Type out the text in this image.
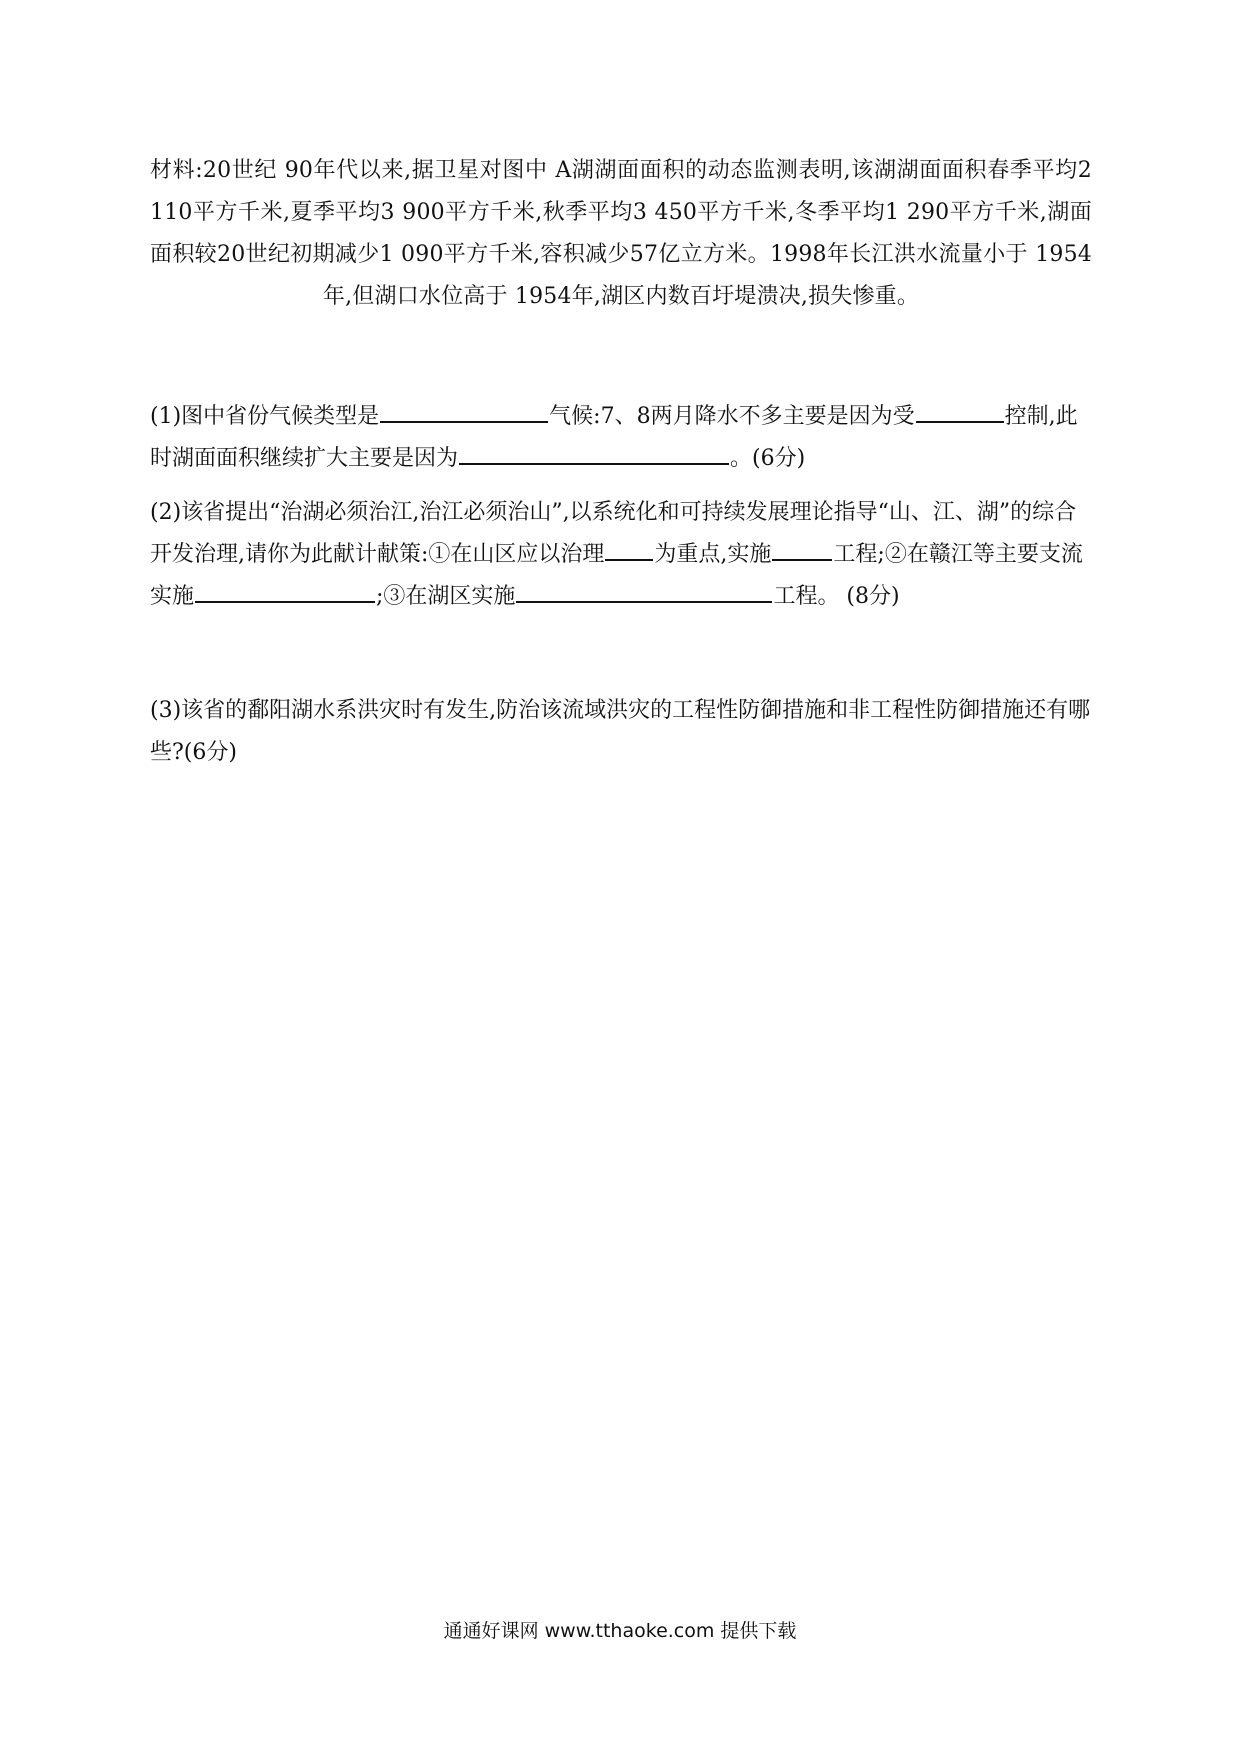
材料:20世纪 90年代以来,据卫星对图中 A湖湖面面积的动态监测表明,该湖湖面面积春季平均2 110平方千米,夏季平均3 900平方千米,秋季平均3 450平方千米,冬季平均1 290平方千米,湖面面积较20世纪初期减少1 090平方千米,容积减少57亿立方米。1998年长江洪水流量小于 1954年,但湖口水位高于 1954年,湖区内数百圩堤溃决,损失惨重。

(1)图中省份气候类型是	气候:7、8两月降水不多主要是因为受	控制,此时湖面面积继续扩大主要是因为	。(6分)

(2)该省提出“治湖必须治江,治江必须治山”,以系统化和可持续发展理论指导“山、江、湖”的综合开发治理,请你为此献计献策:①在山区应以治理 为重点,实施	工程;②在赣江等主要支流实施	;③在湖区实施	工程。 (8分)

(3)该省的鄱阳湖水系洪灾时有发生,防治该流域洪灾的工程性防御措施和非工程性防御措施还有哪些?(6分)

通通好课网 www.tthaoke.com 提供下载
